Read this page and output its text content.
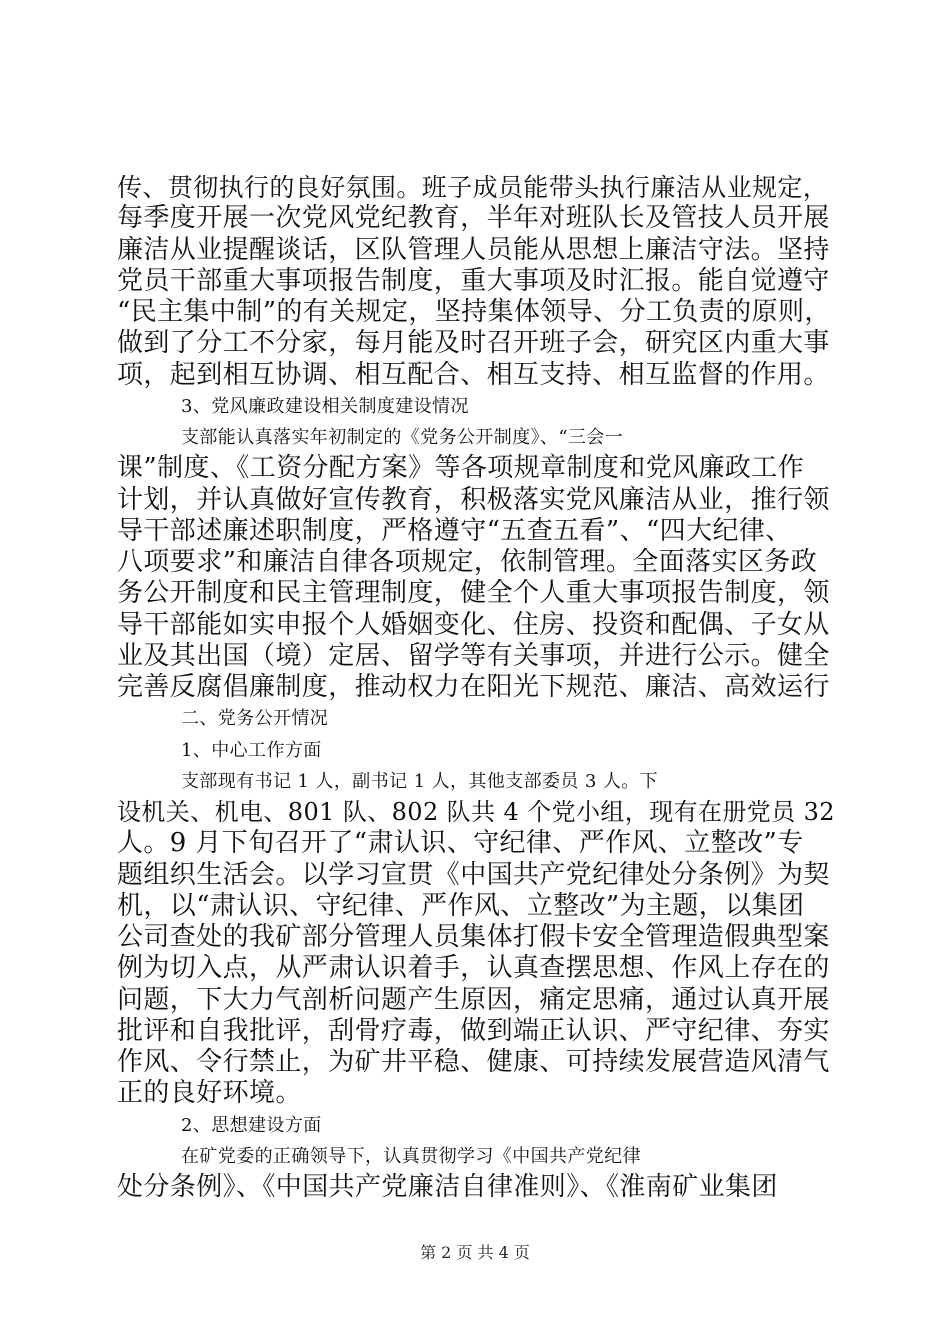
传、贯彻执行的良好氛围。班子成员能带头执行廉洁从业规定，
每季度开展一次党风党纪教育，半年对班队长及管技人员开展
廉洁从业提醒谈话，区队管理人员能从思想上廉洁守法。坚持
党员干部重大事项报告制度，重大事项及时汇报。能自觉遵守
“民主集中制”的有关规定，坚持集体领导、分工负责的原则，
做到了分工不分家，每月能及时召开班子会，研究区内重大事
项，起到相互协调、相互配合、相互支持、相互监督的作用。
3、党风廉政建设相关制度建设情况
支部能认真落实年初制定的《党务公开制度》、“三会一
课”制度、《工资分配方案》等各项规章制度和党风廉政工作
计划，并认真做好宣传教育，积极落实党风廉洁从业，推行领
导干部述廉述职制度，严格遵守“五查五看”、“四大纪律、
八项要求”和廉洁自律各项规定，依制管理。全面落实区务政
务公开制度和民主管理制度，健全个人重大事项报告制度，领
导干部能如实申报个人婚姻变化、住房、投资和配偶、子女从
业及其出国（境）定居、留学等有关事项，并进行公示。健全
完善反腐倡廉制度，推动权力在阳光下规范、廉洁、高效运行
二、党务公开情况
1、中心工作方面
支部现有书记 1 人，副书记 1 人，其他支部委员 3 人。下
设机关、机电、801 队、802 队共 4 个党小组，现有在册党员 32
人。9 月下旬召开了“肃认识、守纪律、严作风、立整改”专
题组织生活会。以学习宣贯《中国共产党纪律处分条例》为契
机，以“肃认识、守纪律、严作风、立整改”为主题，以集团
公司查处的我矿部分管理人员集体打假卡安全管理造假典型案
例为切入点，从严肃认识着手，认真查摆思想、作风上存在的
问题，下大力气剖析问题产生原因，痛定思痛，通过认真开展
批评和自我批评，刮骨疗毒，做到端正认识、严守纪律、夯实
作风、令行禁止，为矿井平稳、健康、可持续发展营造风清气
正的良好环境。
2、思想建设方面
在矿党委的正确领导下，认真贯彻学习《中国共产党纪律
处分条例》、《中国共产党廉洁自律准则》、《淮南矿业集团
第 2 页 共 4 页
